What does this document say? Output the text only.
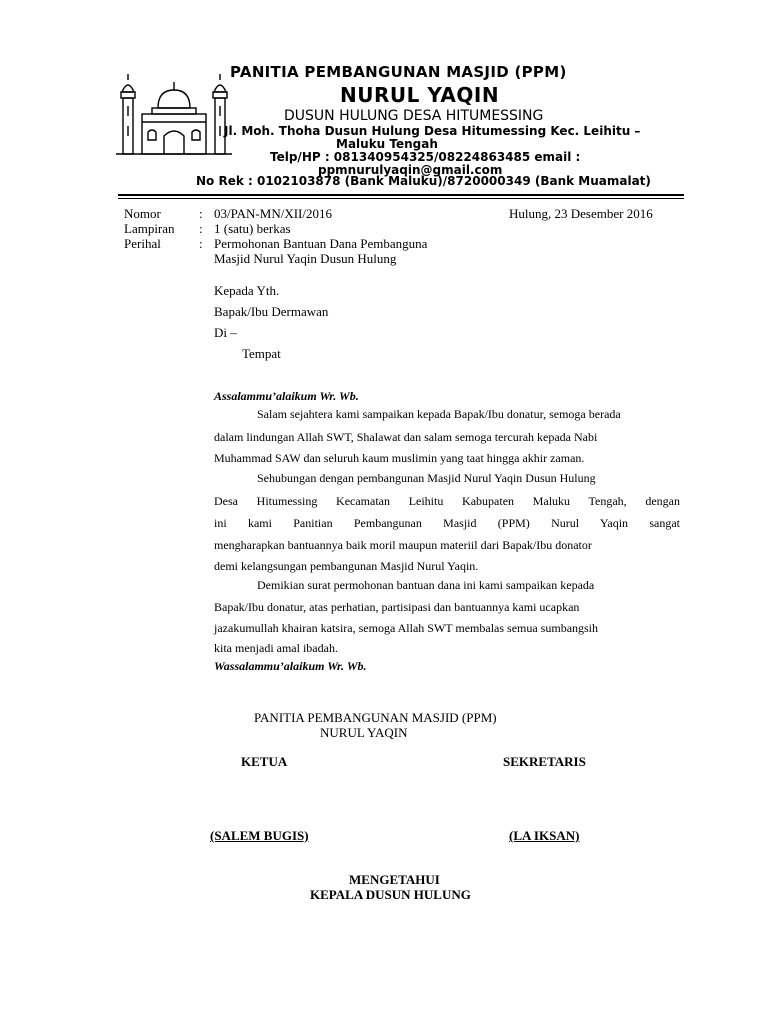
PANITIA PEMBANGUNAN MASJID (PPM)
NURUL YAQIN
DUSUN HULUNG DESA HITUMESSING
Jl. Moh. Thoha Dusun Hulung Desa Hitumessing Kec. Leihitu –
Maluku Tengah
Telp/HP : 081340954325/08224863485 email :
ppmnurulyaqin@gmail.com
No Rek : 0102103878 (Bank Maluku)/8720000349 (Bank Muamalat)
Nomor	: 03/PAN-MN/XII/2016	Hulung, 23 Desember 2016
Lampiran : 1 (satu) berkas
Perihal	: Permohonan Bantuan Dana Pembanguna
Masjid Nurul Yaqin Dusun Hulung
Kepada Yth.
Bapak/Ibu Dermawan
Di –
Tempat
Assalammu’alaikum Wr. Wb.
Salam sejahtera kami sampaikan kepada Bapak/Ibu donatur, semoga berada
dalam lindungan Allah SWT, Shalawat dan salam semoga tercurah kepada Nabi
Muhammad SAW dan seluruh kaum muslimin yang taat hingga akhir zaman.
Sehubungan dengan pembangunan Masjid Nurul Yaqin Dusun Hulung
Desa Hitumessing Kecamatan Leihitu Kabupaten Maluku Tengah, dengan
ini kami Panitian Pembangunan Masjid (PPM) Nurul Yaqin sangat
mengharapkan bantuannya baik moril maupun materiil dari Bapak/Ibu donator
demi kelangsungan pembangunan Masjid Nurul Yaqin.
Demikian surat permohonan bantuan dana ini kami sampaikan kepada
Bapak/Ibu donatur, atas perhatian, partisipasi dan bantuannya kami ucapkan
jazakumullah khairan katsira, semoga Allah SWT membalas semua sumbangsih
kita menjadi amal ibadah.
Wassalammu’alaikum Wr. Wb.
PANITIA PEMBANGUNAN MASJID (PPM)
NURUL YAQIN
KETUA	SEKRETARIS
(SALEM BUGIS)	(LA IKSAN)
MENGETAHUI
KEPALA DUSUN HULUNG
